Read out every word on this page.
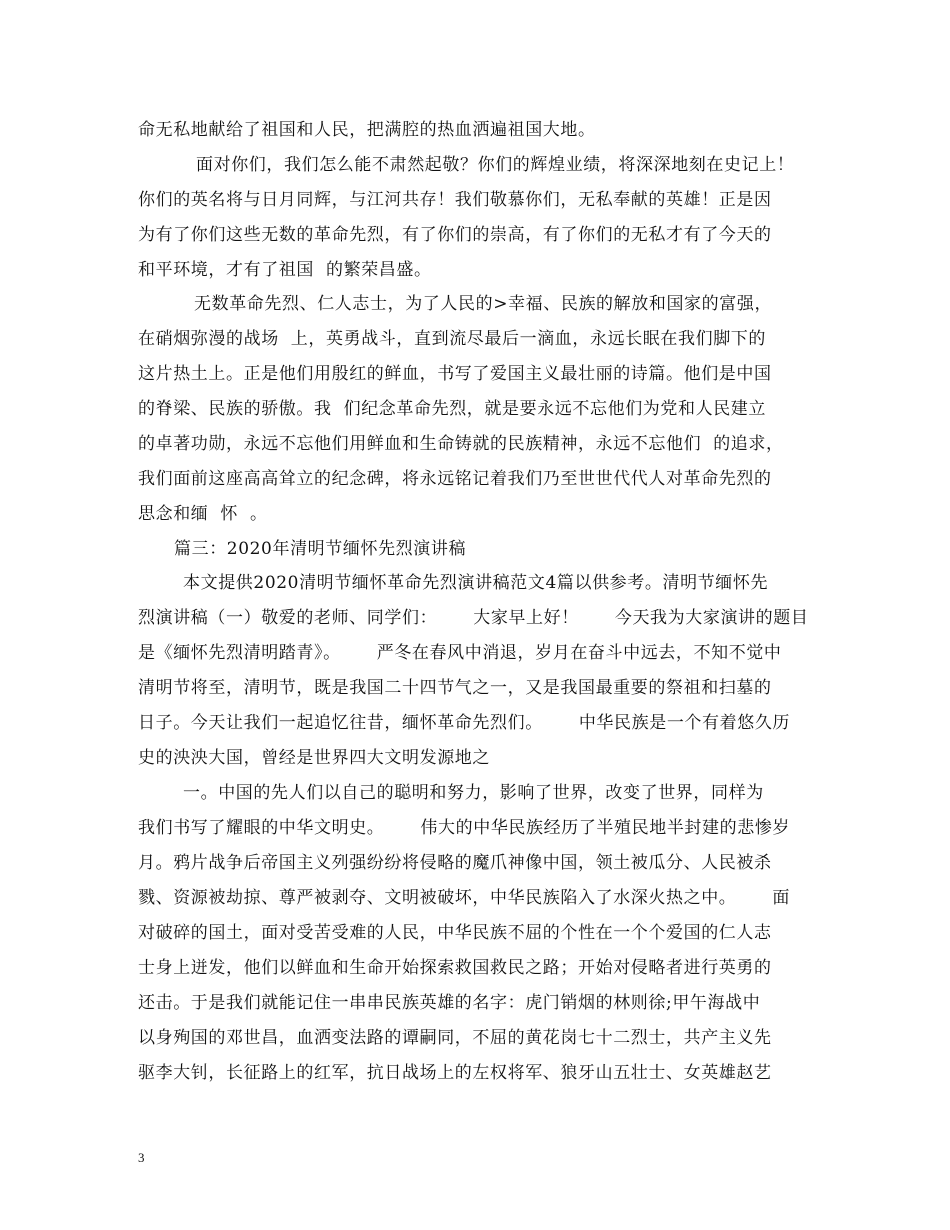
命无私地献给了祖国和人民，把满腔的热血洒遍祖国大地。
面对你们，我们怎么能不肃然起敬？你们的辉煌业绩，将深深地刻在史记上！
你们的英名将与日月同辉，与江河共存！我们敬慕你们，无私奉献的英雄！正是因
为有了你们这些无数的革命先烈，有了你们的崇高，有了你们的无私才有了今天的
和平环境，才有了祖国  的繁荣昌盛。
无数革命先烈、仁人志士，为了人民的>幸福、民族的解放和国家的富强，
在硝烟弥漫的战场  上，英勇战斗，直到流尽最后一滴血，永远长眠在我们脚下的
这片热土上。正是他们用殷红的鲜血，书写了爱国主义最壮丽的诗篇。他们是中国
的脊梁、民族的骄傲。我  们纪念革命先烈，就是要永远不忘他们为党和人民建立
的卓著功勋，永远不忘他们用鲜血和生命铸就的民族精神，永远不忘他们  的追求，
我们面前这座高高耸立的纪念碑，将永远铭记着我们乃至世世代代人对革命先烈的
思念和缅  怀  。
篇三：2020年清明节缅怀先烈演讲稿
本文提供2020清明节缅怀革命先烈演讲稿范文4篇以供参考。清明节缅怀先
烈演讲稿（一）敬爱的老师、同学们：      大家早上好！      今天我为大家演讲的题目
是《缅怀先烈清明踏青》。      严冬在春风中消退，岁月在奋斗中远去，不知不觉中
清明节将至，清明节，既是我国二十四节气之一，又是我国最重要的祭祖和扫墓的
日子。今天让我们一起追忆往昔，缅怀革命先烈们。      中华民族是一个有着悠久历
史的泱泱大国，曾经是世界四大文明发源地之
一。中国的先人们以自己的聪明和努力，影响了世界，改变了世界，同样为
我们书写了耀眼的中华文明史。      伟大的中华民族经历了半殖民地半封建的悲惨岁
月。鸦片战争后帝国主义列强纷纷将侵略的魔爪神像中国，领土被瓜分、人民被杀
戮、资源被劫掠、尊严被剥夺、文明被破坏，中华民族陷入了水深火热之中。      面
对破碎的国土，面对受苦受难的人民，中华民族不屈的个性在一个个爱国的仁人志
士身上迸发，他们以鲜血和生命开始探索救国救民之路；开始对侵略者进行英勇的
还击。于是我们就能记住一串串民族英雄的名字：虎门销烟的林则徐;甲午海战中
以身殉国的邓世昌，血洒变法路的谭嗣同，不屈的黄花岗七十二烈士，共产主义先
驱李大钊，长征路上的红军，抗日战场上的左权将军、狼牙山五壮士、女英雄赵艺
3
